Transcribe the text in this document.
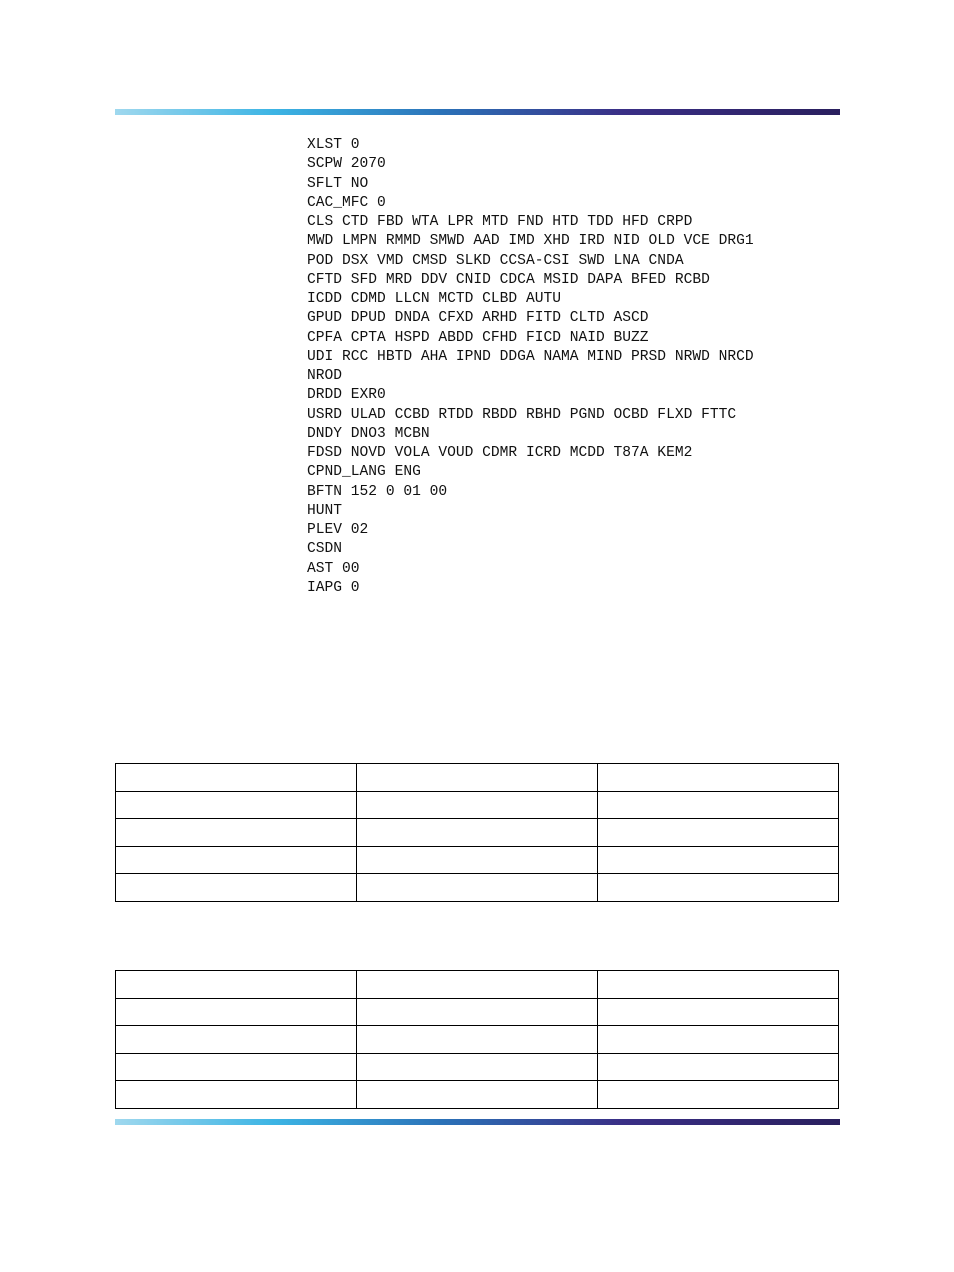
XLST 0
SCPW 2070
SFLT NO
CAC_MFC 0
CLS CTD FBD WTA LPR MTD FND HTD TDD HFD CRPD
MWD LMPN RMMD SMWD AAD IMD XHD IRD NID OLD VCE DRG1
POD DSX VMD CMSD SLKD CCSA-CSI SWD LNA CNDA
CFTD SFD MRD DDV CNID CDCA MSID DAPA BFED RCBD
ICDD CDMD LLCN MCTD CLBD AUTU
GPUD DPUD DNDA CFXD ARHD FITD CLTD ASCD
CPFA CPTA HSPD ABDD CFHD FICD NAID BUZZ
UDI RCC HBTD AHA IPND DDGA NAMA MIND PRSD NRWD NRCD
NROD
DRDD EXR0
USRD ULAD CCBD RTDD RBDD RBHD PGND OCBD FLXD FTTC
DNDY DNO3 MCBN
FDSD NOVD VOLA VOUD CDMR ICRD MCDD T87A KEM2
CPND_LANG ENG
BFTN 152 0 01 00
HUNT
PLEV 02
CSDN
AST 00
IAPG 0
